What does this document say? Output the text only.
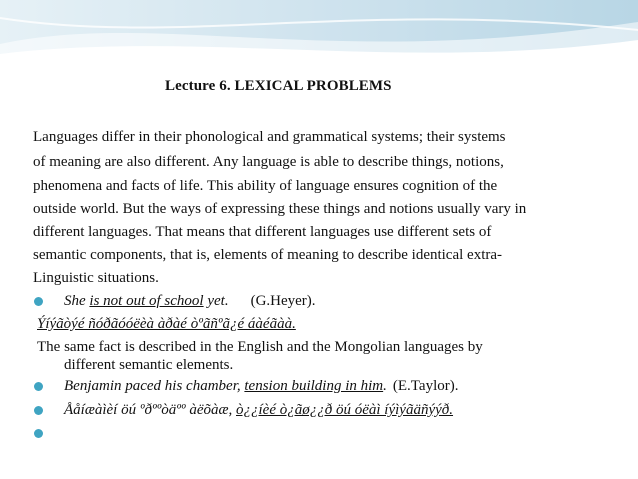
Lecture 6. LEXICAL PROBLEMS
Languages differ in their phonological and grammatical systems; their systems
of meaning are also different. Any language is able to describe things, notions,
phenomena and facts of life. This ability of language ensures cognition of the
outside world. But the ways of expressing these things and notions usually vary in
different languages. That means that different languages use different sets of
semantic components, that is, elements of meaning to describe identical extra-
Linguistic situations.
She is not out of school yet. (G.Heyer).
Ýíýãòýé ñóðãóóëèà àðàé òºãñºã¿é áàéãàà.
The same fact is described in the English and the Mongolian languages by
different semantic elements.
Benjamin paced his chamber, tension building in him. (E.Taylor).
Ååíæàìèí öú ºðººòäºº àëõàæ, ò¿¿íèé ò¿ãø¿¿ð öú óëàì íýìýãäñýýð.
